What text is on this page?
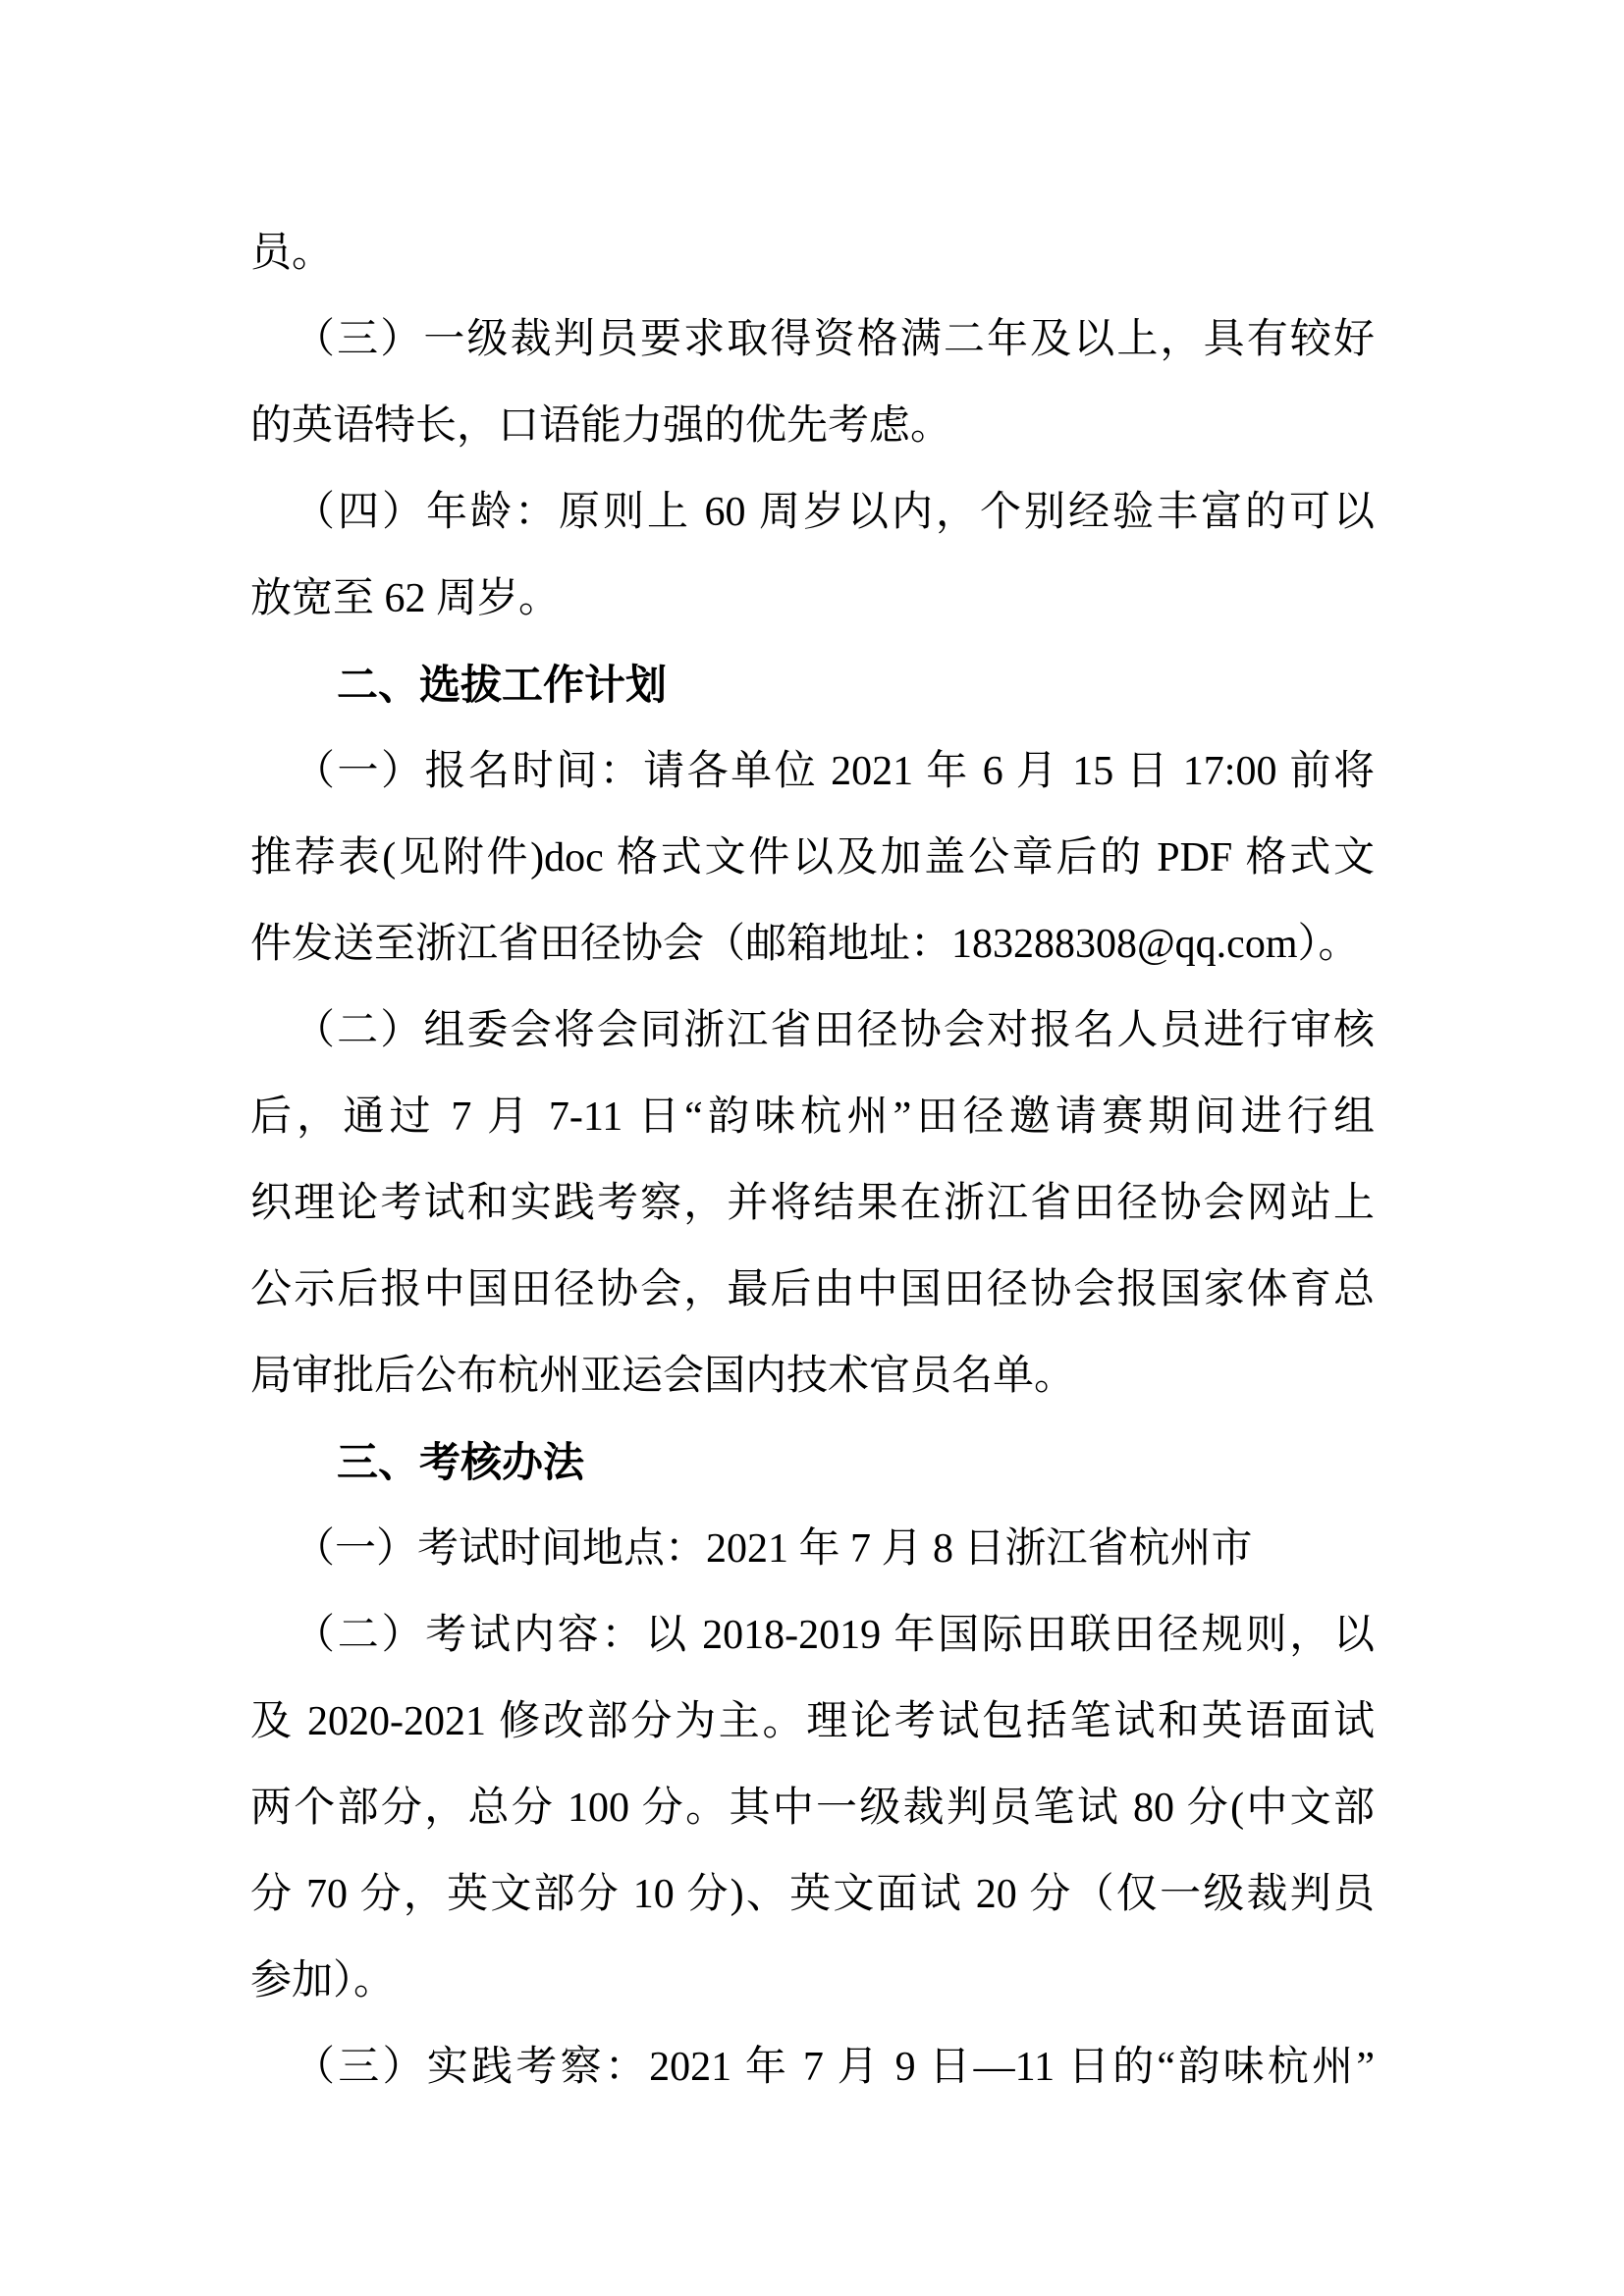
员。
（三）一级裁判员要求取得资格满二年及以上，具有较好
的英语特长，口语能力强的优先考虑。
（四）年龄：原则上 60 周岁以内，个别经验丰富的可以
放宽至 62 周岁。
二、选拔工作计划
（一）报名时间：请各单位 2021 年 6 月 15 日 17:00 前将
推荐表(见附件)doc 格式文件以及加盖公章后的 PDF 格式文
件发送至浙江省田径协会（邮箱地址：183288308@qq.com）。
（二）组委会将会同浙江省田径协会对报名人员进行审核
后，通过 7 月 7-11 日“韵味杭州”田径邀请赛期间进行组
织理论考试和实践考察，并将结果在浙江省田径协会网站上
公示后报中国田径协会，最后由中国田径协会报国家体育总
局审批后公布杭州亚运会国内技术官员名单。
三、考核办法
（一）考试时间地点：2021 年 7 月 8 日浙江省杭州市
（二）考试内容：以 2018-2019 年国际田联田径规则，以
及 2020-2021 修改部分为主。理论考试包括笔试和英语面试
两个部分，总分 100 分。其中一级裁判员笔试 80 分(中文部
分 70 分，英文部分 10 分)、英文面试 20 分（仅一级裁判员
参加）。
（三）实践考察：2021 年 7 月 9 日—11 日的“韵味杭州”
